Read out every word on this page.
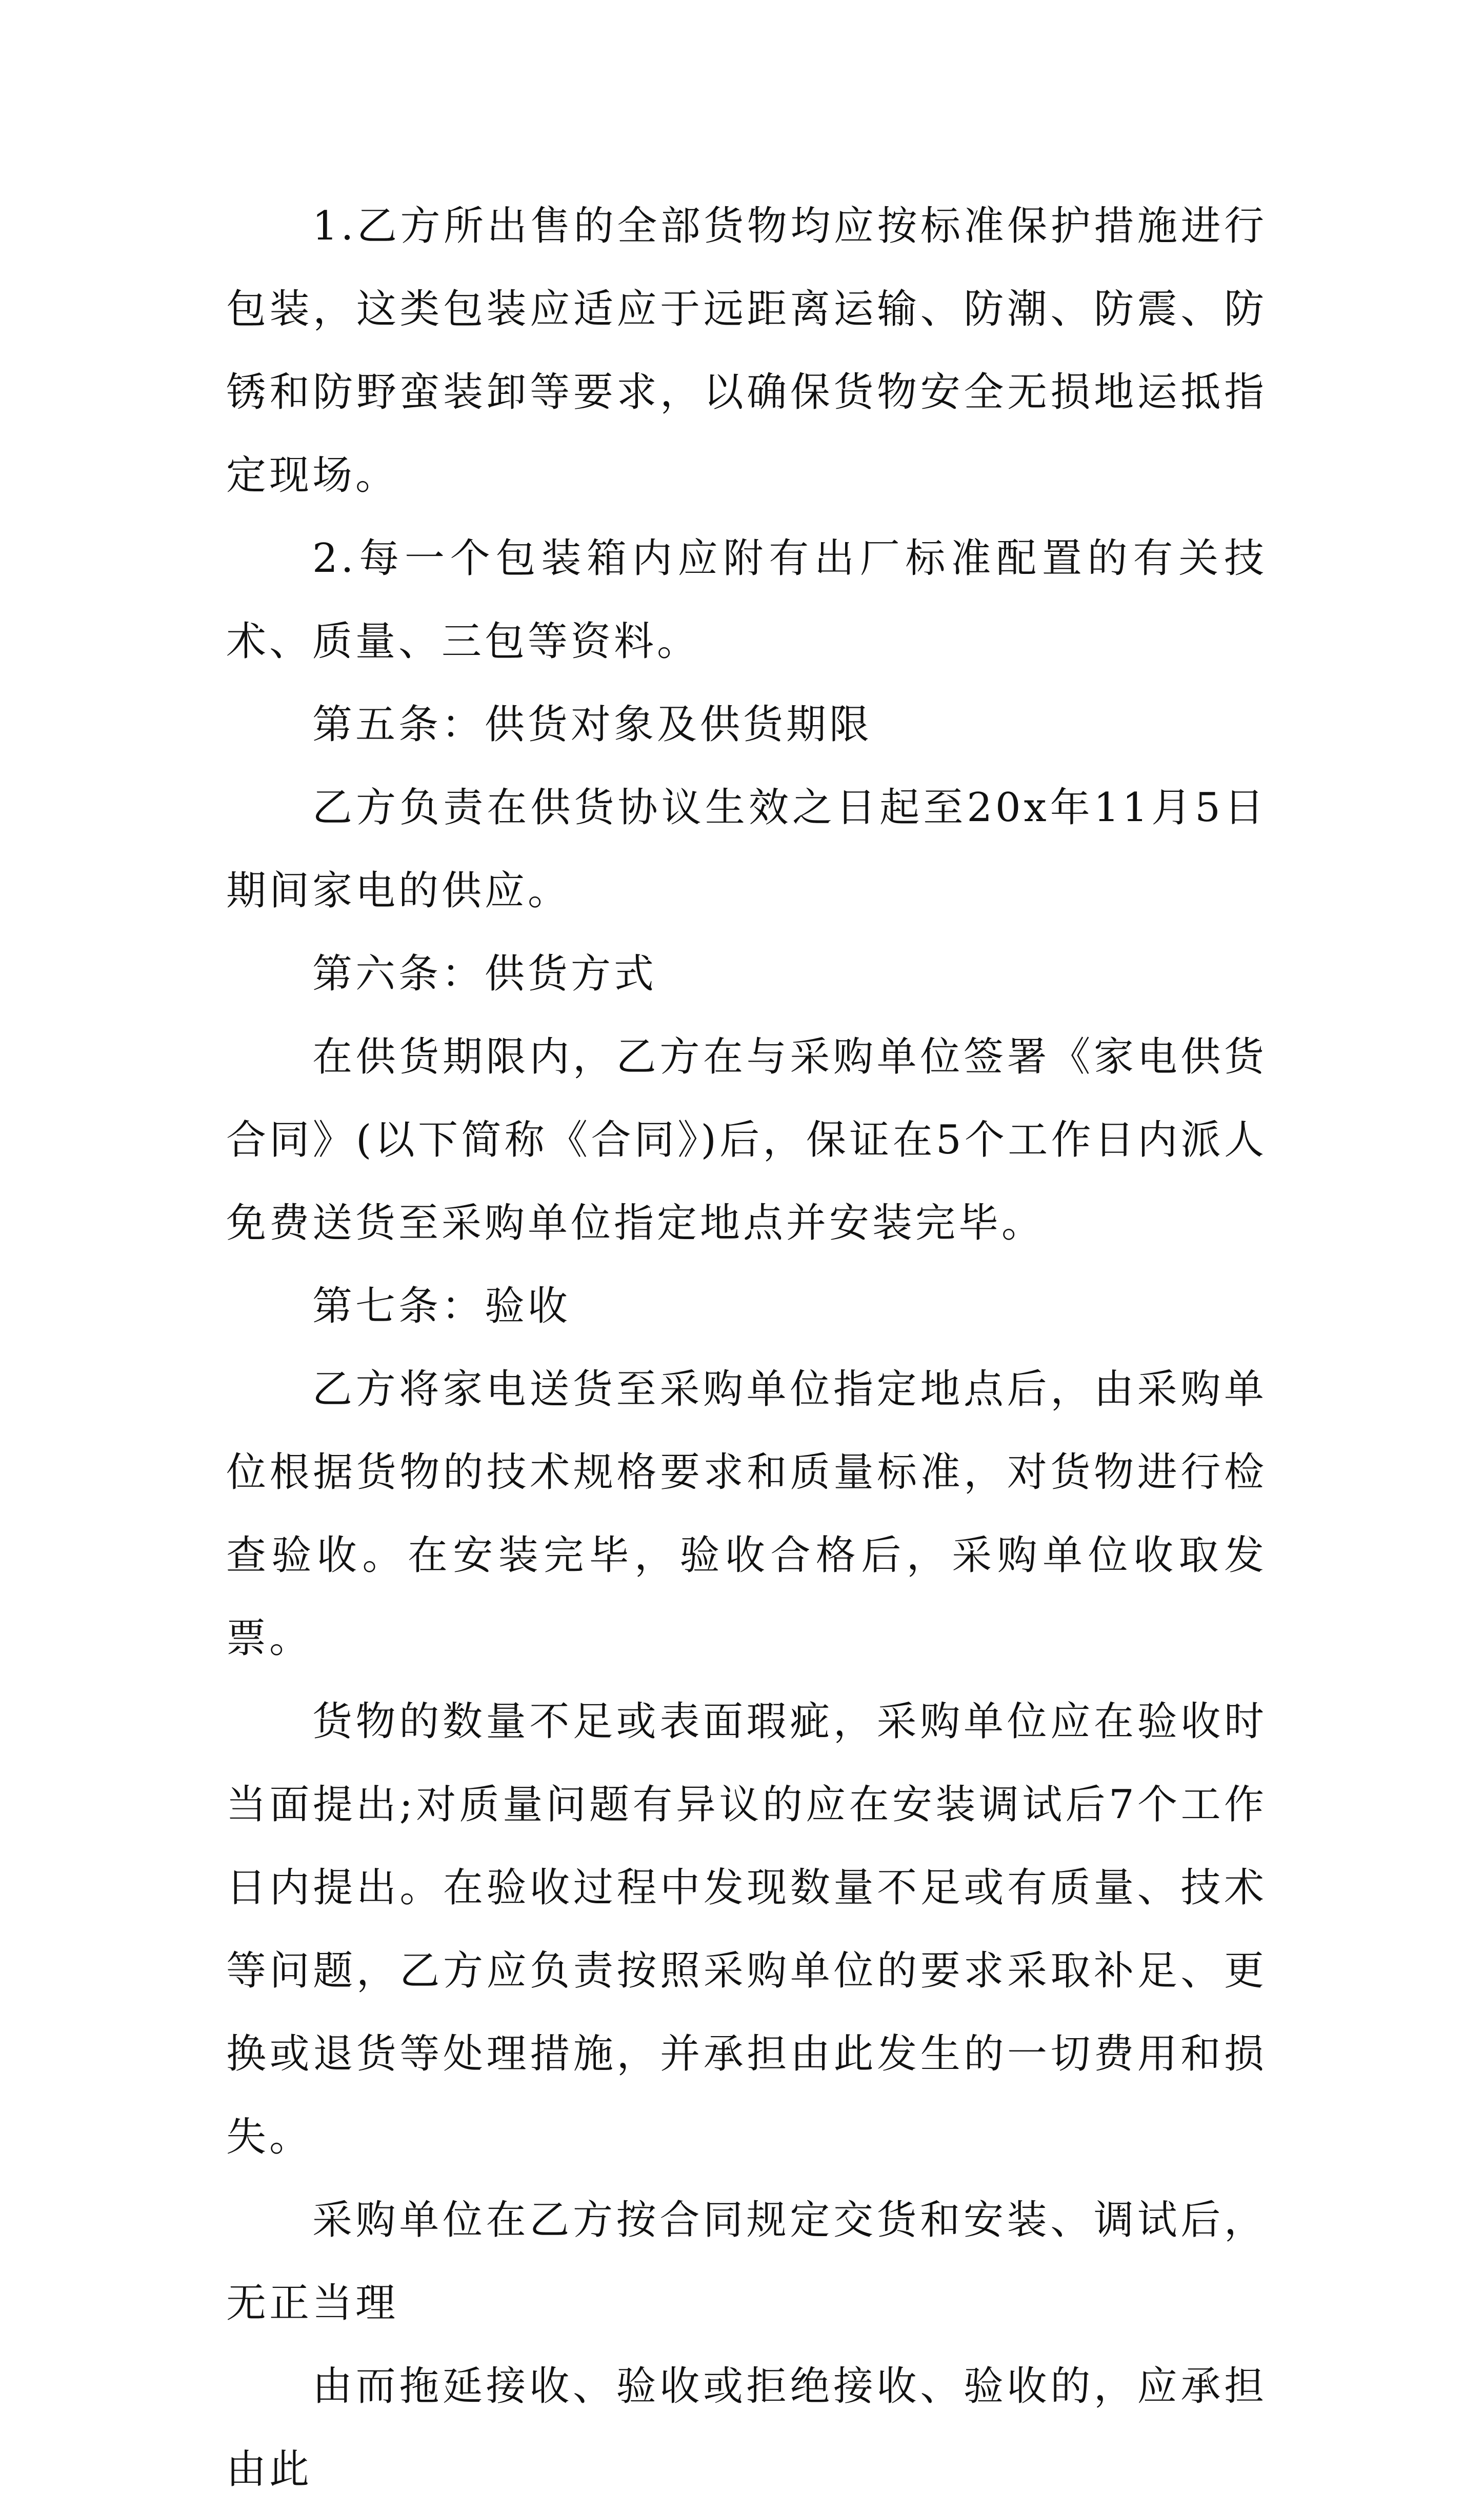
1.乙方所出售的全部货物均应按标准保护措施进行包装，这类包装应适应于远距离运输、防潮、防震、防锈和防野蛮装卸等要求，以确保货物安全无损地运抵指定现场。

2.每一个包装箱内应附有出厂标准配置的有关技术、质量、三包等资料。

第五条：供货对象及供货期限

乙方负责在供货协议生效之日起至20x年11月5日期间家电的供应。

第六条：供货方式

在供货期限内，乙方在与采购单位签署《家电供货合同》(以下简称《合同》)后，保证在5个工作日内派人免费送货至采购单位指定地点并安装完毕。

第七条：验收

乙方将家电送货至采购单位指定地点后，由采购单位根据货物的技术规格要求和质量标准，对货物进行检查验收。在安装完毕，验收合格后，采购单位收取发票。

货物的数量不足或表面瑕疵，采购单位应在验收时当面提出;对质量问题有异议的应在安装调试后7个工作日内提出。在验收过程中发现数量不足或有质量、技术等问题，乙方应负责按照采购单位的要求采取补足、更换或退货等处理措施，并承担由此发生的一切费用和损失。

采购单位在乙方按合同规定交货和安装、调试后，无正当理

由而拖延接收、验收或拒绝接收、验收的，应承担由此
